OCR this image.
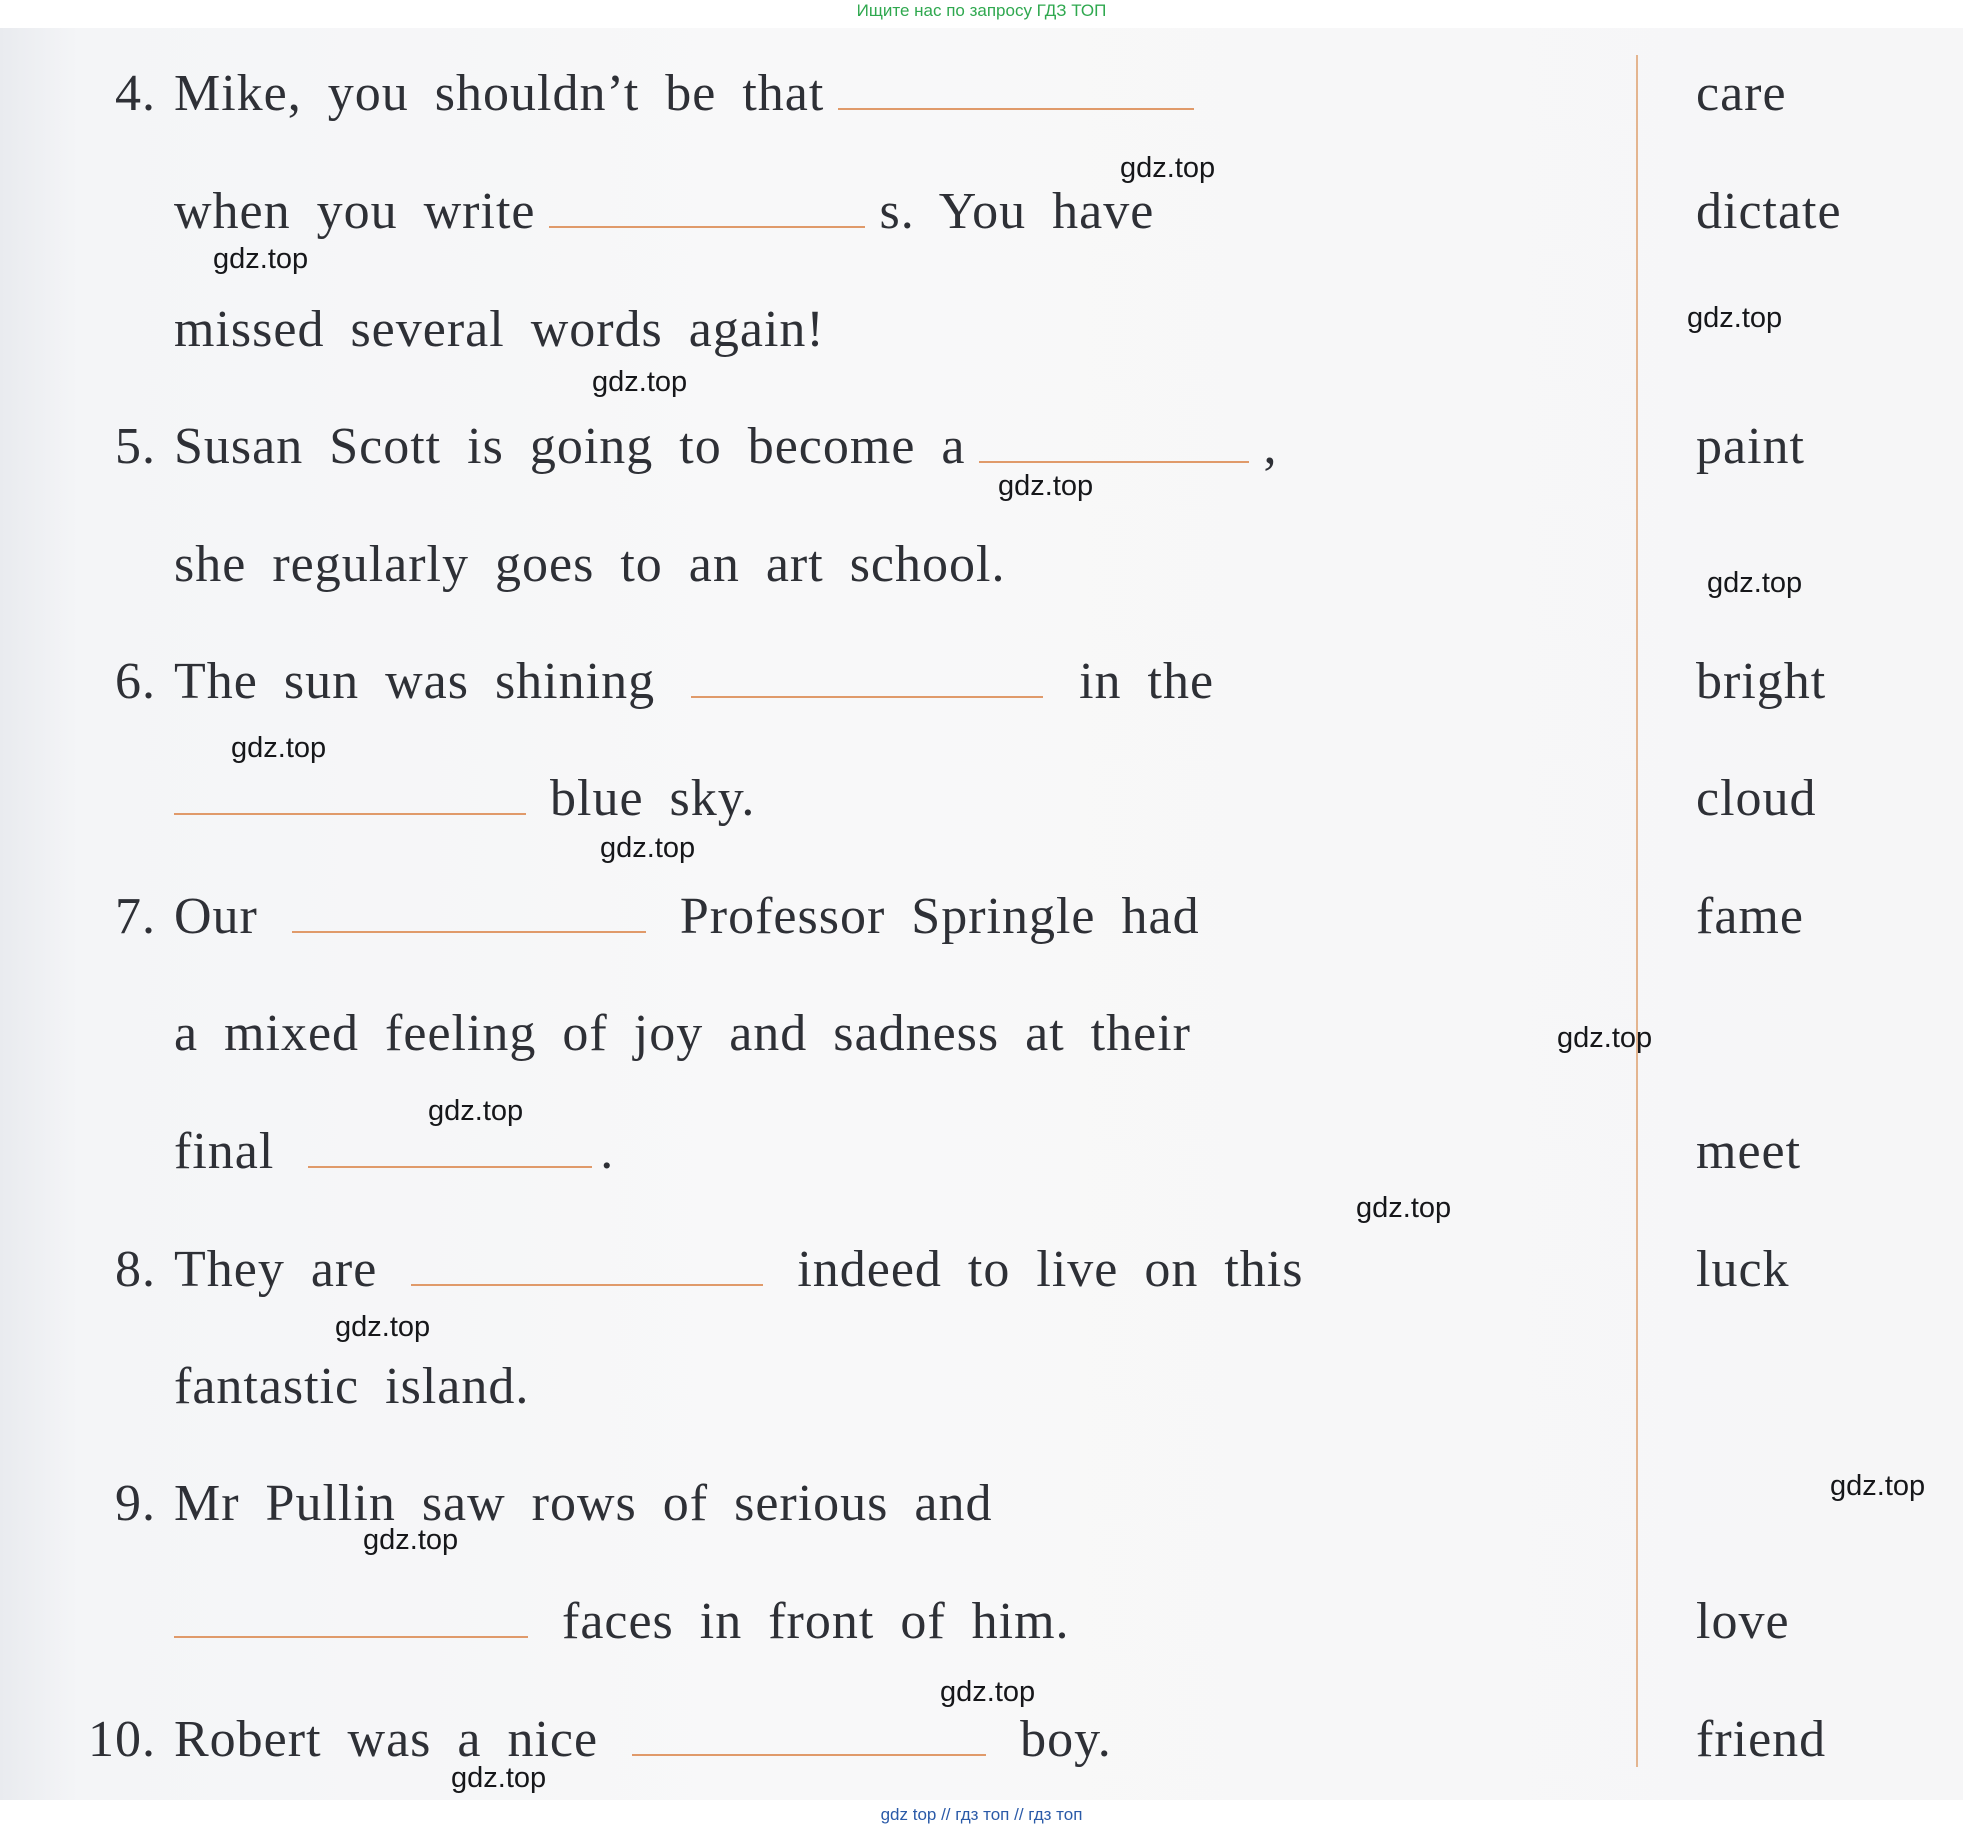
Ищите нас по запросу ГДЗ ТОП

4. Mike, you shouldn’t be that
when you write	s. You have
missed several words again!
5. Susan Scott is going to become a	,
she regularly goes to an art school.
6. The sun was shining	in the
blue sky.
7. Our	Professor Springle had
a mixed feeling of joy and sadness at their
final	.
8. They are	indeed to live on this
fantastic island.
9. Mr Pullin saw rows of serious and
faces in front of him.
10. Robert was a nice	boy.
care
dictate
paint
bright
cloud
fame
meet
luck
love
friend
gdz.top
gdz.top
gdz.top
gdz.top
gdz.top
gdz.top
gdz.top
gdz.top
gdz.top
gdz.top
gdz.top
gdz.top
gdz.top
gdz.top
gdz.top
gdz.top
gdz top // гдз топ // гдз топ
